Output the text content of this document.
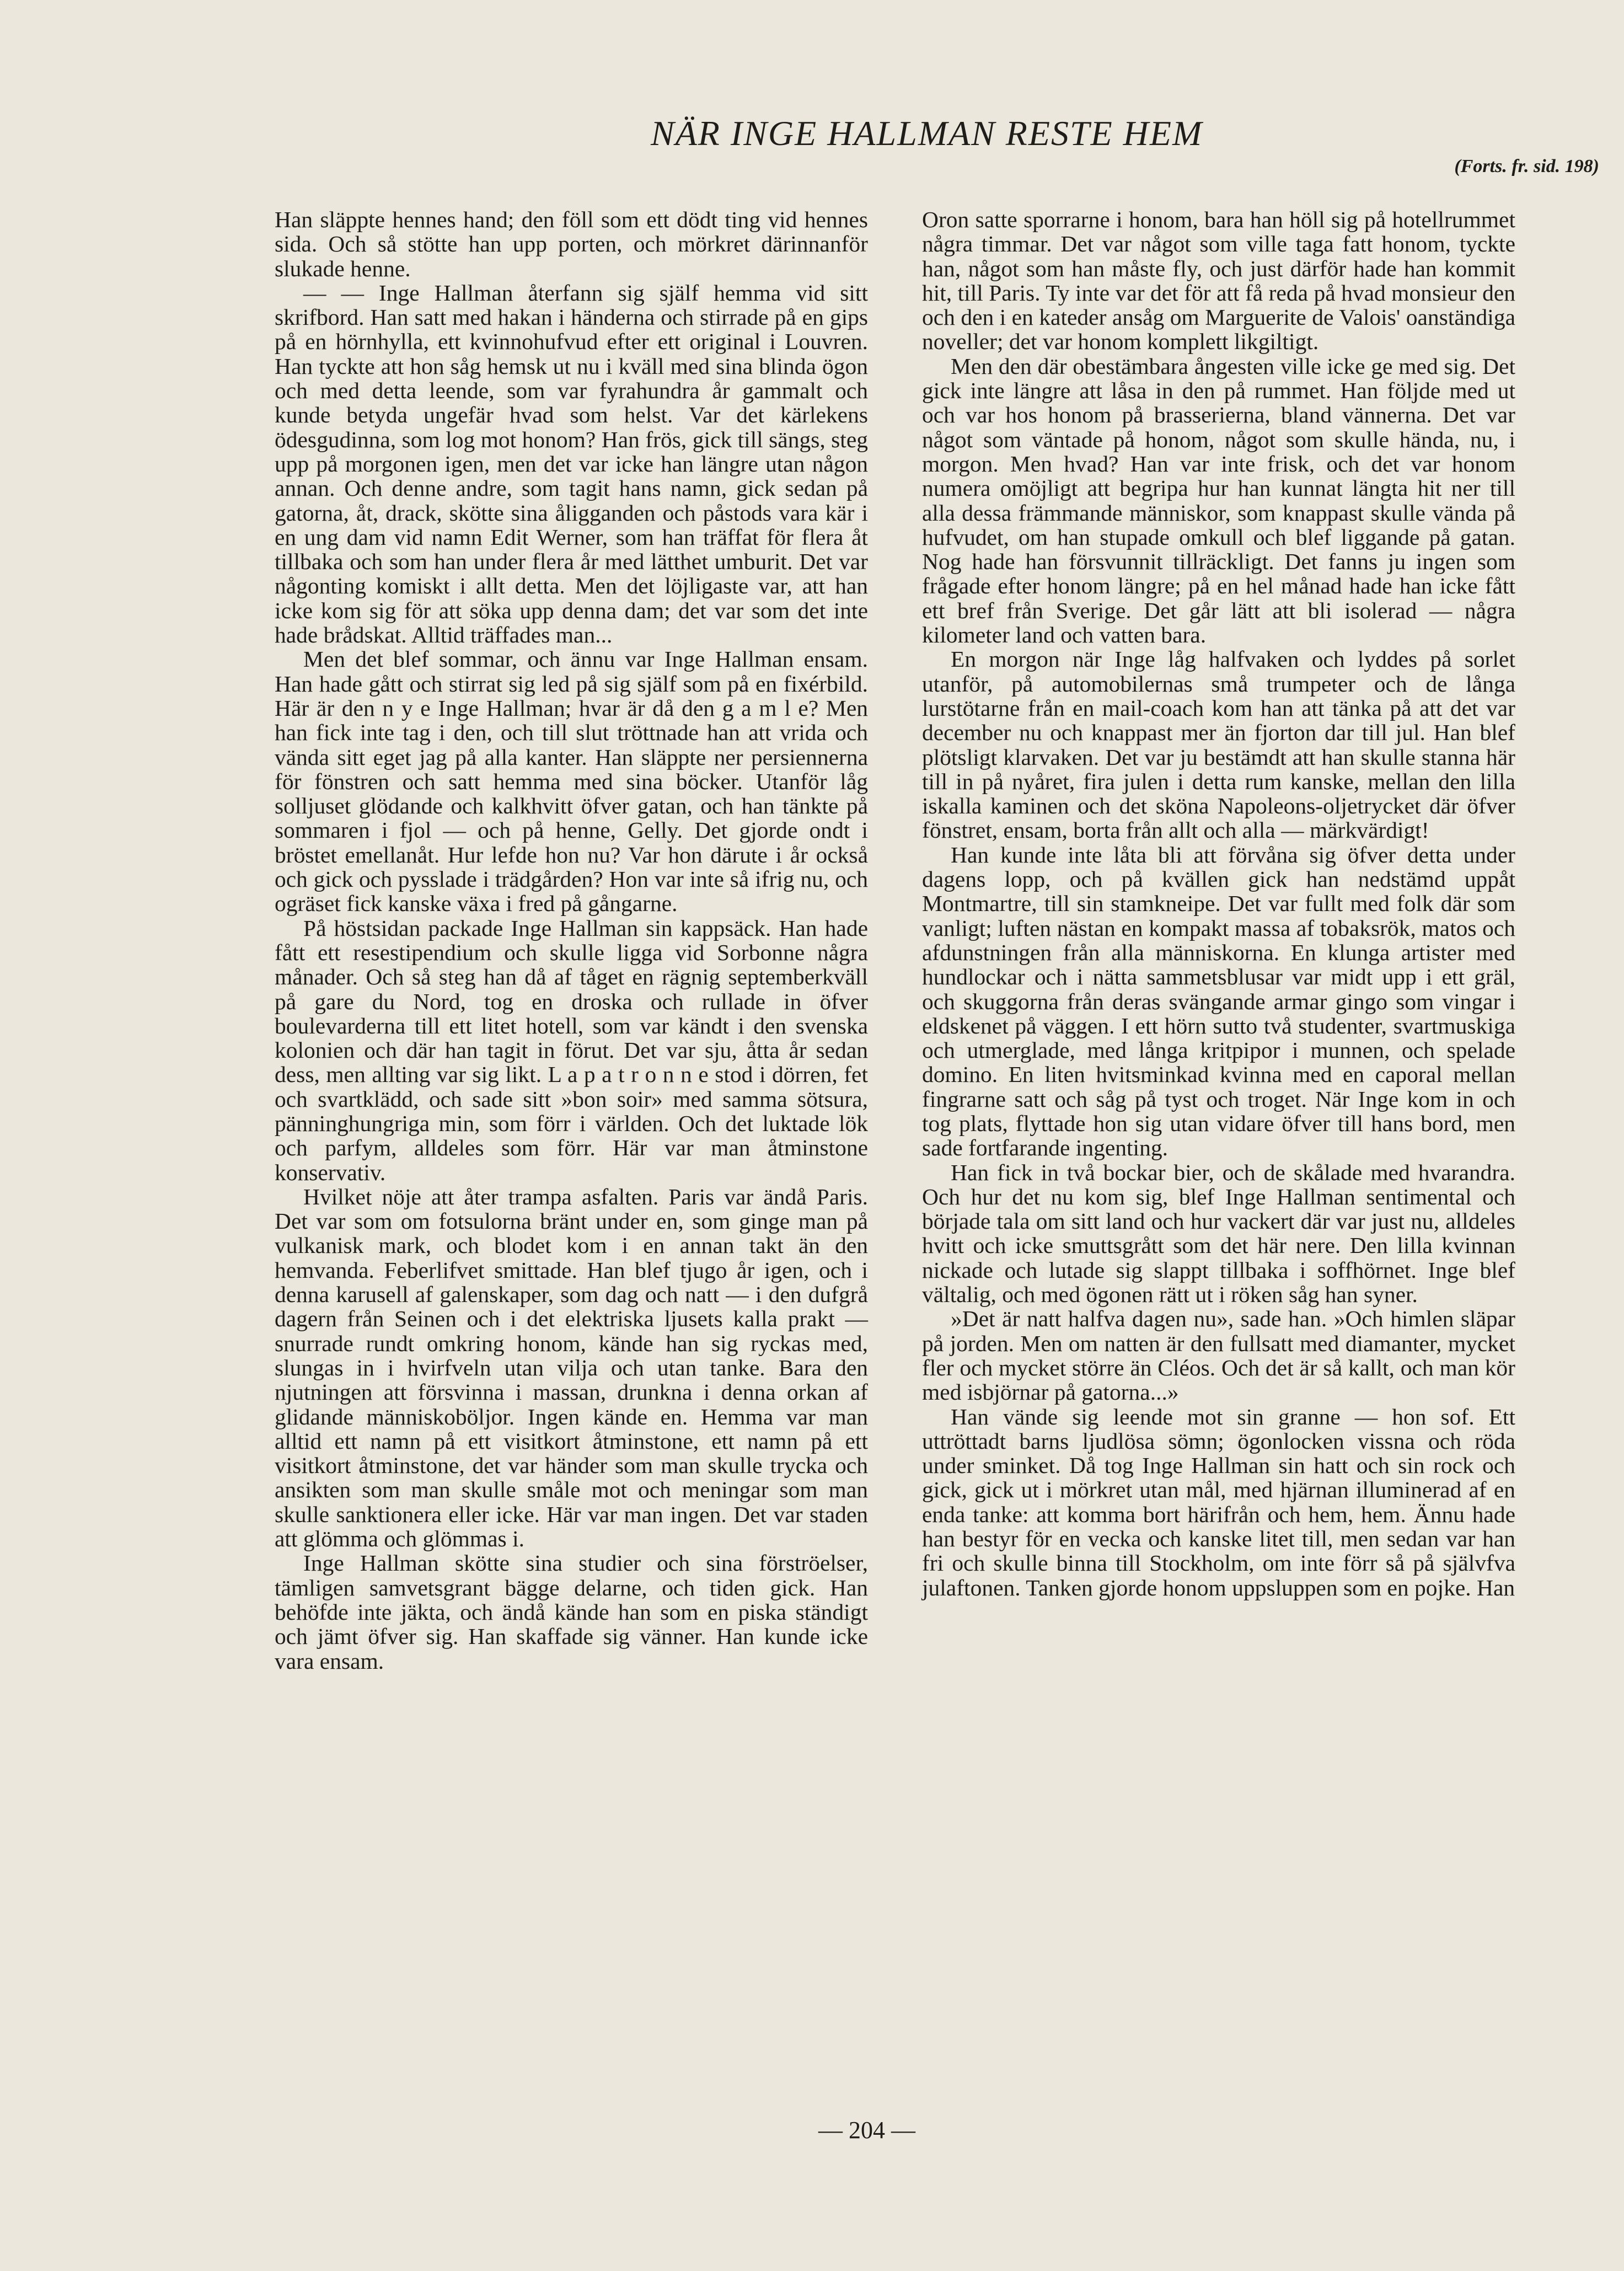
NÄR INGE HALLMAN RESTE HEM
(Forts. fr. sid. 198)

Han släppte hennes hand; den föll som ett dödt ting vid hennes sida. Och så stötte han upp porten, och mörkret därinnanför slukade henne.

— — Inge Hallman återfann sig själf hemma vid sitt skrifbord. Han satt med hakan i händerna och stirrade på en gips på en hörnhylla, ett kvinnohufvud efter ett original i Louvren. Han tyckte att hon såg hemsk ut nu i kväll med sina blinda ögon och med detta leende, som var fyrahundra år gammalt och kunde betyda ungefär hvad som helst. Var det kärlekens ödesgudinna, som log mot honom? Han frös, gick till sängs, steg upp på morgonen igen, men det var icke han längre utan någon annan. Och denne andre, som tagit hans namn, gick sedan på gatorna, åt, drack, skötte sina åligganden och påstods vara kär i en ung dam vid namn Edit Werner, som han träffat för flera åt tillbaka och som han under flera år med lätthet umburit. Det var någonting komiskt i allt detta. Men det löjligaste var, att han icke kom sig för att söka upp denna dam; det var som det inte hade brådskat. Alltid träffades man...

Men det blef sommar, och ännu var Inge Hallman ensam. Han hade gått och stirrat sig led på sig själf som på en fixérbild. Här är den n y e Inge Hallman; hvar är då den g a m l e? Men han fick inte tag i den, och till slut tröttnade han att vrida och vända sitt eget jag på alla kanter. Han släppte ner persiennerna för fönstren och satt hemma med sina böcker. Utanför låg solljuset glödande och kalkhvitt öfver gatan, och han tänkte på sommaren i fjol — och på henne, Gelly. Det gjorde ondt i bröstet emellanåt. Hur lefde hon nu? Var hon därute i år också och gick och pysslade i trädgården? Hon var inte så ifrig nu, och ogräset fick kanske växa i fred på gångarne.

På höstsidan packade Inge Hallman sin kappsäck. Han hade fått ett resestipendium och skulle ligga vid Sorbonne några månader. Och så steg han då af tåget en rägnig septemberkväll på gare du Nord, tog en droska och rullade in öfver boulevarderna till ett litet hotell, som var kändt i den svenska kolonien och där han tagit in förut. Det var sju, åtta år sedan dess, men allting var sig likt. L a p a t r o n n e stod i dörren, fet och svartklädd, och sade sitt »bon soir» med samma sötsura, pänninghungriga min, som förr i världen. Och det luktade lök och parfym, alldeles som förr. Här var man åtminstone konservativ.

Hvilket nöje att åter trampa asfalten. Paris var ändå Paris. Det var som om fotsulorna bränt under en, som ginge man på vulkanisk mark, och blodet kom i en annan takt än den hemvanda. Feberlifvet smittade. Han blef tjugo år igen, och i denna karusell af galenskaper, som dag och natt — i den dufgrå dagern från Seinen och i det elektriska ljusets kalla prakt — snurrade rundt omkring honom, kände han sig ryckas med, slungas in i hvirfveln utan vilja och utan tanke. Bara den njutningen att försvinna i massan, drunkna i denna orkan af glidande människoböljor. Ingen kände en. Hemma var man alltid ett namn på ett visitkort åtminstone, ett namn på ett visitkort åtminstone, det var händer som man skulle trycka och ansikten som man skulle småle mot och meningar som man skulle sanktionera eller icke. Här var man ingen. Det var staden att glömma och glömmas i.

Inge Hallman skötte sina studier och sina förströelser, tämligen samvetsgrant bägge delarne, och tiden gick. Han behöfde inte jäkta, och ändå kände han som en piska ständigt och jämt öfver sig. Han skaffade sig vänner. Han kunde icke vara ensam.

Oron satte sporrarne i honom, bara han höll sig på hotellrummet några timmar. Det var något som ville taga fatt honom, tyckte han, något som han måste fly, och just därför hade han kommit hit, till Paris. Ty inte var det för att få reda på hvad monsieur den och den i en kateder ansåg om Marguerite de Valois' oanständiga noveller; det var honom komplett likgiltigt.

Men den där obestämbara ångesten ville icke ge med sig. Det gick inte längre att låsa in den på rummet. Han följde med ut och var hos honom på brasserierna, bland vännerna. Det var något som väntade på honom, något som skulle hända, nu, i morgon. Men hvad? Han var inte frisk, och det var honom numera omöjligt att begripa hur han kunnat längta hit ner till alla dessa främmande människor, som knappast skulle vända på hufvudet, om han stupade omkull och blef liggande på gatan. Nog hade han försvunnit tillräckligt. Det fanns ju ingen som frågade efter honom längre; på en hel månad hade han icke fått ett bref från Sverige. Det går lätt att bli isolerad — några kilometer land och vatten bara.

En morgon när Inge låg halfvaken och lyddes på sorlet utanför, på automobilernas små trumpeter och de långa lurstötarne från en mail-coach kom han att tänka på att det var december nu och knappast mer än fjorton dar till jul. Han blef plötsligt klarvaken. Det var ju bestämdt att han skulle stanna här till in på nyåret, fira julen i detta rum kanske, mellan den lilla iskalla kaminen och det sköna Napoleons-oljetrycket där öfver fönstret, ensam, borta från allt och alla — märkvärdigt!

Han kunde inte låta bli att förvåna sig öfver detta under dagens lopp, och på kvällen gick han nedstämd uppåt Montmartre, till sin stamkneipe. Det var fullt med folk där som vanligt; luften nästan en kompakt massa af tobaksrök, matos och afdunstningen från alla människorna. En klunga artister med hundlockar och i nätta sammetsblusar var midt upp i ett gräl, och skuggorna från deras svängande armar gingo som vingar i eldskenet på väggen. I ett hörn sutto två studenter, svartmuskiga och utmerglade, med långa kritpipor i munnen, och spelade domino. En liten hvitsminkad kvinna med en caporal mellan fingrarne satt och såg på tyst och troget. När Inge kom in och tog plats, flyttade hon sig utan vidare öfver till hans bord, men sade fortfarande ingenting.

Han fick in två bockar bier, och de skålade med hvarandra. Och hur det nu kom sig, blef Inge Hallman sentimental och började tala om sitt land och hur vackert där var just nu, alldeles hvitt och icke smuttsgrått som det här nere. Den lilla kvinnan nickade och lutade sig slappt tillbaka i soffhörnet. Inge blef vältalig, och med ögonen rätt ut i röken såg han syner.

»Det är natt halfva dagen nu», sade han. »Och himlen släpar på jorden. Men om natten är den fullsatt med diamanter, mycket fler och mycket större än Cléos. Och det är så kallt, och man kör med isbjörnar på gatorna...»

Han vände sig leende mot sin granne — hon sof. Ett uttröttadt barns ljudlösa sömn; ögonlocken vissna och röda under sminket. Då tog Inge Hallman sin hatt och sin rock och gick, gick ut i mörkret utan mål, med hjärnan illuminerad af en enda tanke: att komma bort härifrån och hem, hem. Ännu hade han bestyr för en vecka och kanske litet till, men sedan var han fri och skulle binna till Stockholm, om inte förr så på självfva julaftonen. Tanken gjorde honom uppsluppen som en pojke. Han

— 204 —
